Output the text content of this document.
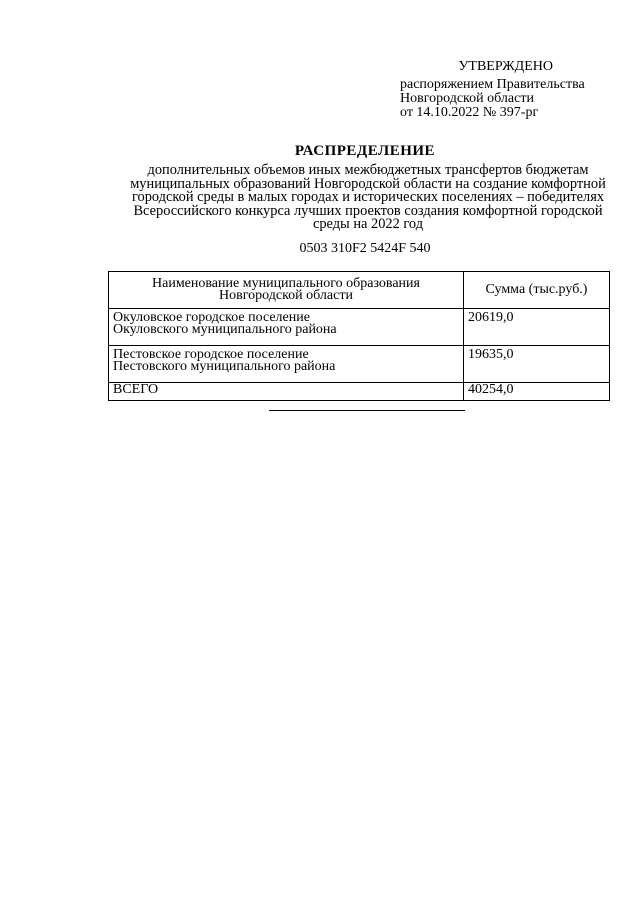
УТВЕРЖДЕНО
распоряжением Правительства
Новгородской области
от 14.10.2022 № 397-рг
РАСПРЕДЕЛЕНИЕ
дополнительных объемов иных межбюджетных трансфертов бюджетам
муниципальных образований Новгородской области на создание комфортной
городской среды в малых городах и исторических поселениях – победителях
Всероссийского конкурса лучших проектов создания комфортной городской
среды на 2022 год
0503 310F2 5424F 540
Наименование муниципального образования
Новгородской области	Сумма (тыс.руб.)

Окуловское городское поселение
Окуловского муниципального района	20619,0

Пестовское городское поселение
Пестовского муниципального района	19635,0
ВСЕГО	40254,0
